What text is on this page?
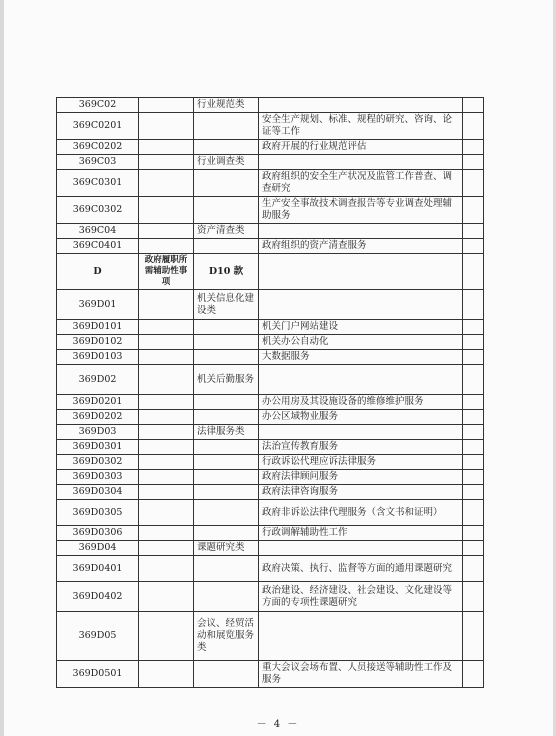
369C02		行业规范类		
369C0201			安全生产规划、标准、规程的研究、咨询、论证等工作	
369C0202			政府开展的行业规范评估	
369C03		行业调查类		
369C0301			政府组织的安全生产状况及监管工作普查、调查研究	
369C0302			生产安全事故技术调查报告等专业调查处理辅助服务	
369C04		资产清查类		
369C0401			政府组织的资产清查服务	
D	政府履职所需辅助性事项	D10 款		
369D01		机关信息化建设类		
369D0101			机关门户网站建设	
369D0102			机关办公自动化	
369D0103			大数据服务	
369D02		机关后勤服务		
369D0201			办公用房及其设施设备的维修维护服务	
369D0202			办公区域物业服务	
369D03		法律服务类		
369D0301			法治宣传教育服务	
369D0302			行政诉讼代理应诉法律服务	
369D0303			政府法律顾问服务	
369D0304			政府法律咨询服务	
369D0305			政府非诉讼法律代理服务（含文书和证明）	
369D0306			行政调解辅助性工作	
369D04		课题研究类		
369D0401			政府决策、执行、监督等方面的通用课题研究	
369D0402			政治建设、经济建设、社会建设、文化建设等方面的专项性课题研究	
369D05		会议、经贸活动和展览服务类		
369D0501			重大会议会场布置、人员接送等辅助性工作及服务	
－ 4 －
